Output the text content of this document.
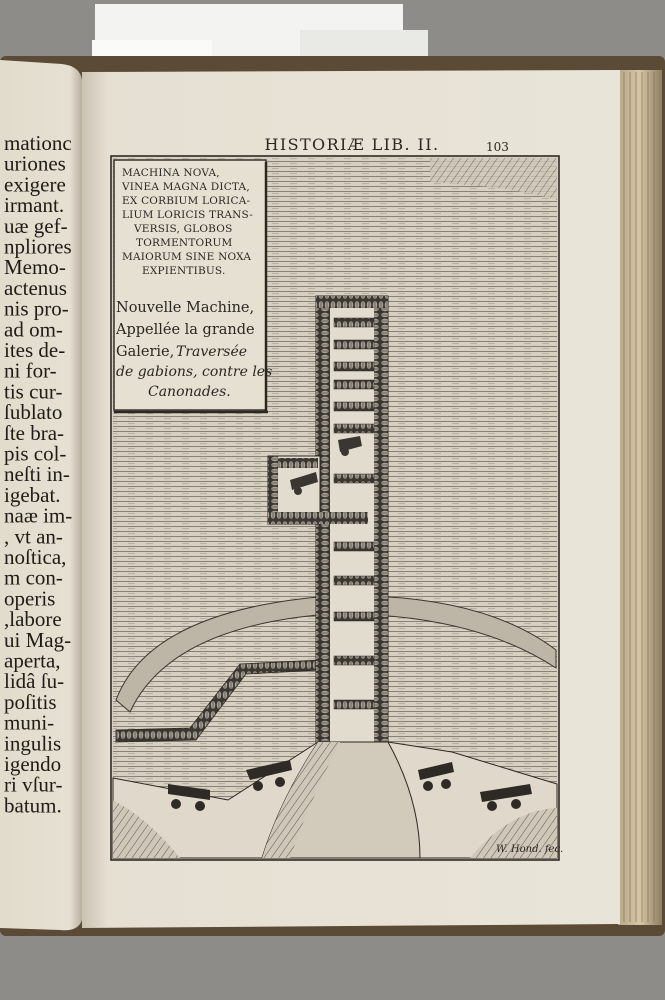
mationc
uriones
exigere
irmant.
uæ gef-
npliores
Memo-
actenus
nis pro-
ad om-
ites de-
ni for-
tis cur-
ſublato
ſte bra-
pis col-
neſti in-
igebat.
naæ im-
, vt an-
noſtica,
m con-
operis
,labore
ui Mag-
aperta,
lidâ ſu-
poſitis
muni-
ingulis
igendo
ri vſur-
batum.
HISTORIÆ LIB. II.	103
MACHINA NOVA,
VINEA MAGNA DICTA,
EX CORBIUM LORICA-
LIUM LORICIS TRANS-
VERSIS, GLOBOS
TORMENTORUM
MAIORUM SINE NOXA
EXPIENTIBUS.
Nouvelle Machine,
Appellée la grande
Galerie, Traversée
de gabions, contre les
Canonades.
W. Hond. fec.
